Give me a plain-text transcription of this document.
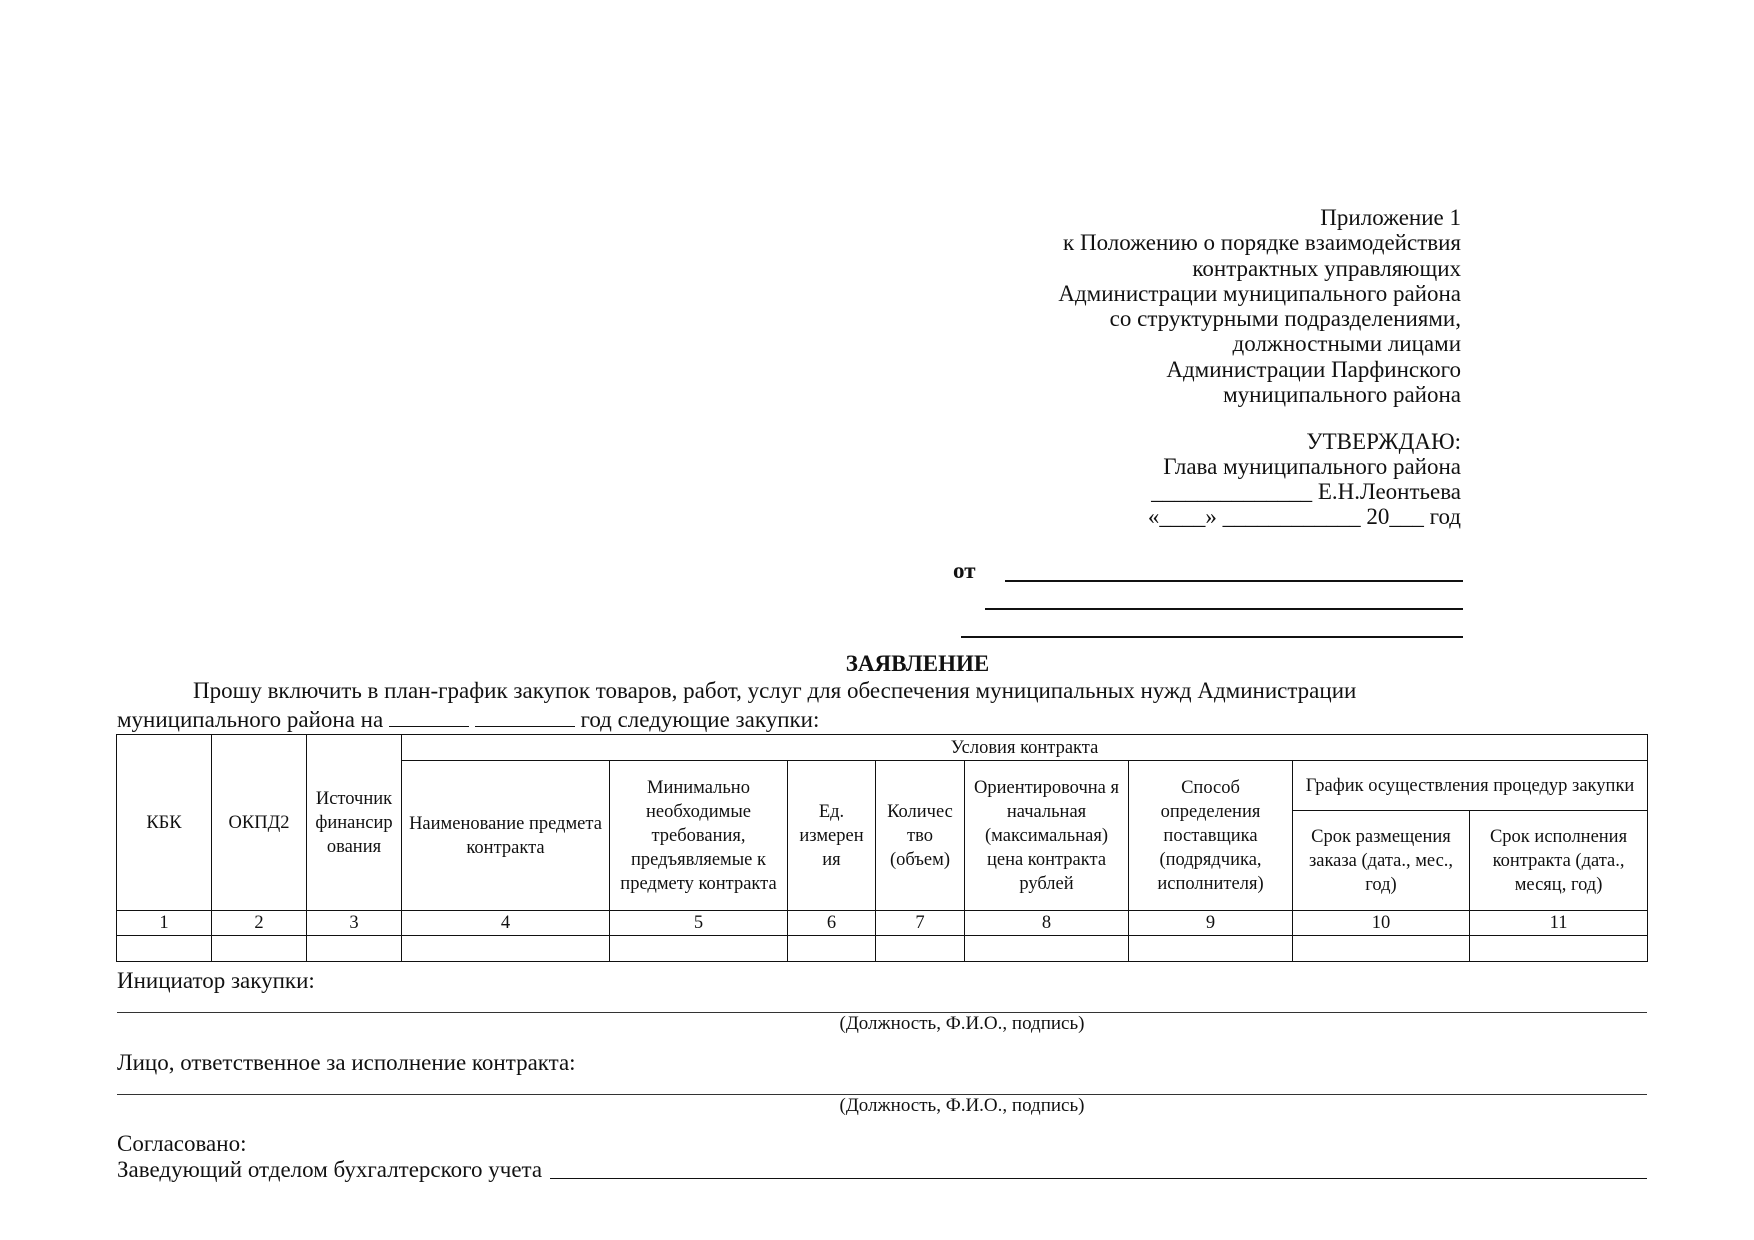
Приложение 1
к Положению о порядке взаимодействия
контрактных управляющих
Администрации муниципального района
со структурными подразделениями,
должностными лицами
Администрации Парфинского
муниципального района
УТВЕРЖДАЮ:
Глава муниципального района
______________ Е.Н.Леонтьева
«____» ____________ 20___ год
от
ЗАЯВЛЕНИЕ
Прошу включить в план-график закупок товаров, работ, услуг для обеспечения муниципальных нужд Администрации
муниципального района на	год следующие закупки:
КБК	ОКПД2	Источник финансир ования	Условия контракта							
			Наименование предмета контракта	Минимально необходимые требования, предъявляемые к предмету контракта	Ед. измерен ия	Количес тво (объем)	Ориентировочна я начальная (максимальная) цена контракта рублей	Способ определения поставщика (подрядчика, исполнителя)	График осуществления процедур закупки	
									Срок размещения заказа (дата., мес., год)	Срок исполнения контракта (дата., месяц, год)
1	2	3	4	5	6	7	8	9	10	11

Инициатор закупки:
(Должность, Ф.И.О., подпись)
Лицо, ответственное за исполнение контракта:
(Должность, Ф.И.О., подпись)
Согласовано:
Заведующий отделом бухгалтерского учета
